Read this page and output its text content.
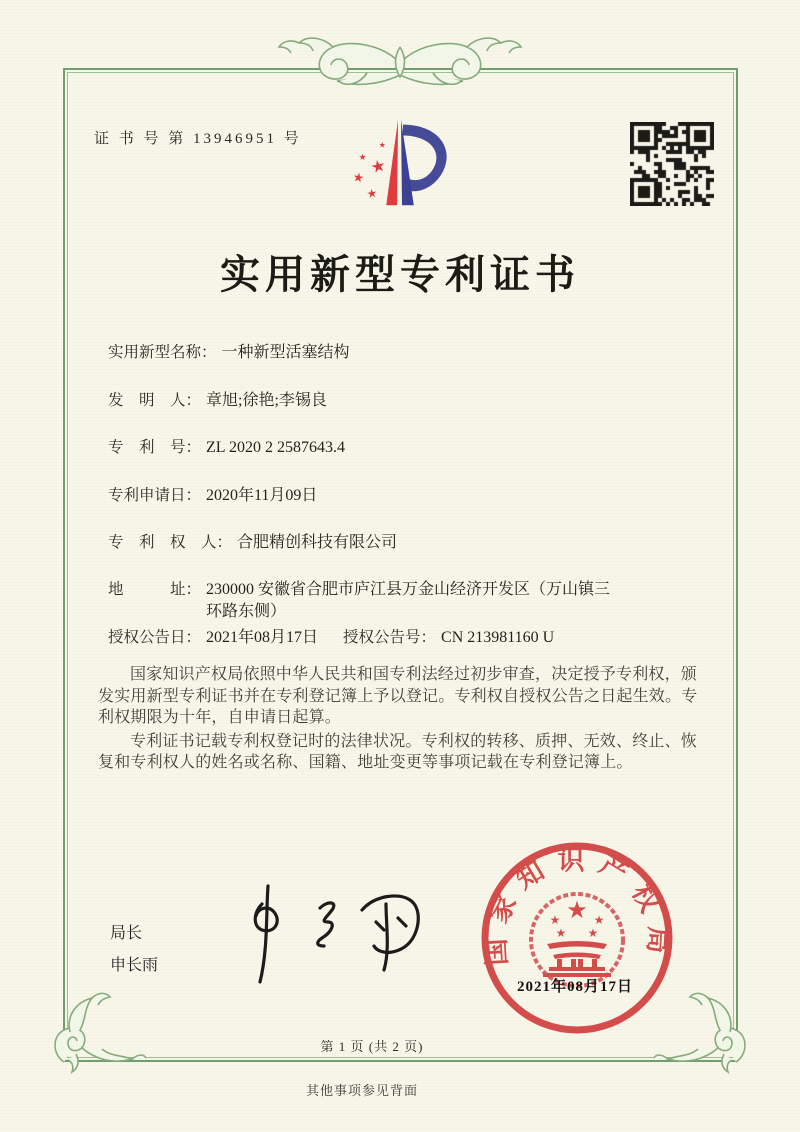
证 书 号 第 13946951 号
★
★
★
★
★
实用新型专利证书
实用新型名称： 一种新型活塞结构
发　明　人： 章旭;徐艳;李锡良
专　利　号： ZL 2020 2 2587643.4
专利申请日： 2020年11月09日
专　利　权　人： 合肥精创科技有限公司
地　　　址： 230000 安徽省合肥市庐江县万金山经济开发区（万山镇三环路东侧）
授权公告日： 2021年08月17日 授权公告号： CN 213981160 U

国家知识产权局依照中华人民共和国专利法经过初步审查，决定授予专利权，颁发实用新型专利证书并在专利登记簿上予以登记。专利权自授权公告之日起生效。专利权期限为十年，自申请日起算。

专利证书记载专利权登记时的法律状况。专利权的转移、质押、无效、终止、恢复和专利权人的姓名或名称、国籍、地址变更等事项记载在专利登记簿上。

局长
申长雨	国家知识产权局
★
★	★
★ ★
2021年08月17日
第 1 页 (共 2 页)
其他事项参见背面
